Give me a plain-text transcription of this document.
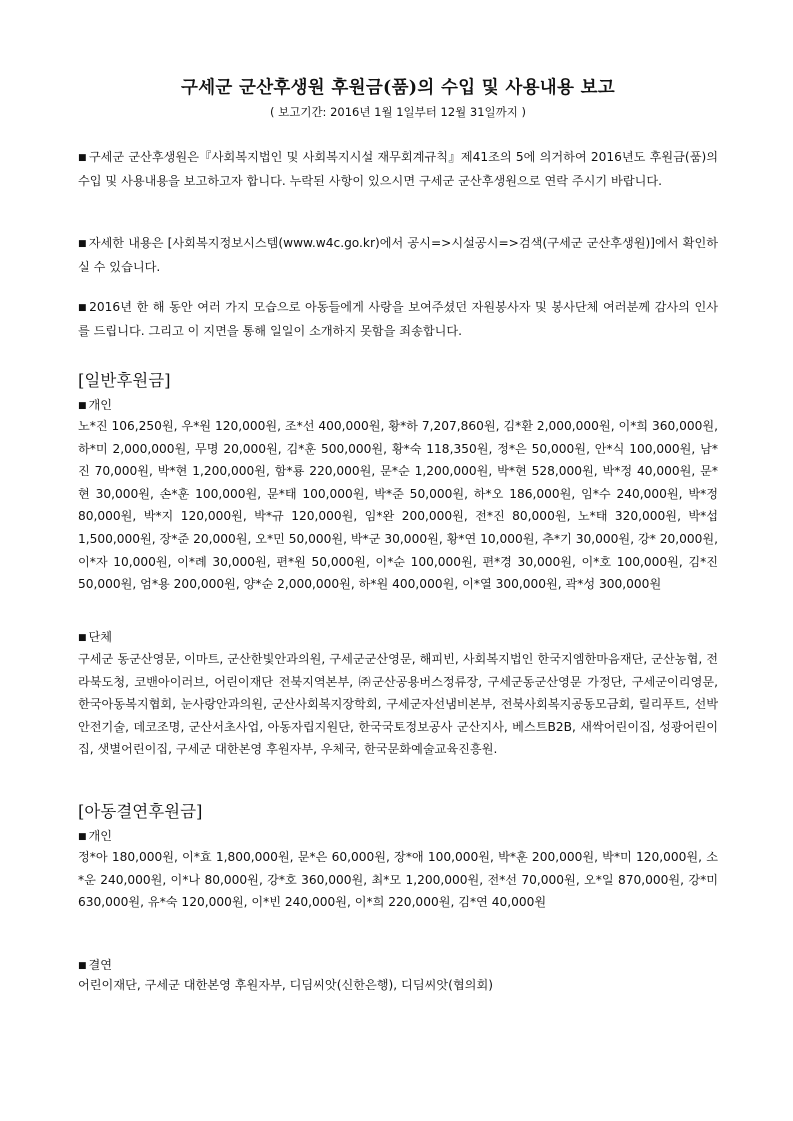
구세군 군산후생원 후원금(품)의 수입 및 사용내용 보고
( 보고기간: 2016년 1월 1일부터 12월 31일까지 )
■ 구세군 군산후생원은『사회복지법인 및 사회복지시설 재무회계규칙』제41조의 5에 의거하여 2016년도 후원금(품)의 수입 및 사용내용을 보고하고자 합니다. 누락된 사항이 있으시면 구세군 군산후생원으로 연락 주시기 바랍니다.
■ 자세한 내용은 [사회복지정보시스템(www.w4c.go.kr)에서 공시=>시설공시=>검색(구세군 군산후생원)]에서 확인하실 수 있습니다.
■ 2016년 한 해 동안 여러 가지 모습으로 아동들에게 사랑을 보여주셨던 자원봉사자 및 봉사단체 여러분께 감사의 인사를 드립니다. 그리고 이 지면을 통해 일일이 소개하지 못함을 죄송합니다.
[일반후원금]
■ 개인
노*진 106,250원, 우*원 120,000원, 조*선 400,000원, 황*하 7,207,860원, 김*환 2,000,000원, 이*희 360,000원, 하*미 2,000,000원, 무명 20,000원, 김*훈 500,000원, 황*숙 118,350원, 정*은 50,000원, 안*식 100,000원, 남*진 70,000원, 박*현 1,200,000원, 함*룡 220,000원, 문*순 1,200,000원, 박*현 528,000원, 박*정 40,000원, 문*현 30,000원, 손*훈 100,000원, 문*태 100,000원, 박*준 50,000원, 하*오 186,000원, 임*수 240,000원, 박*정 80,000원, 박*지 120,000원, 박*규 120,000원, 임*완 200,000원, 전*진 80,000원, 노*태 320,000원, 박*섭 1,500,000원, 장*준 20,000원, 오*민 50,000원, 박*군 30,000원, 황*연 10,000원, 추*기 30,000원, 강* 20,000원, 이*자 10,000원, 이*례 30,000원, 편*원 50,000원, 이*순 100,000원, 편*경 30,000원, 이*호 100,000원, 김*진 50,000원, 엄*용 200,000원, 양*순 2,000,000원, 하*원 400,000원, 이*열 300,000원, 곽*성 300,000원
■ 단체
구세군 동군산영문, 이마트, 군산한빛안과의원, 구세군군산영문, 해피빈, 사회복지법인 한국지엠한마음재단, 군산농협, 전라북도청, 코밴아이러브, 어린이재단 전북지역본부, ㈜군산공용버스정류장, 구세군동군산영문 가정단, 구세군이리영문, 한국아동복지협회, 눈사랑안과의원, 군산사회복지장학회, 구세군자선냄비본부, 전북사회복지공동모금회, 릴리푸트, 선박안전기술, 데코조명, 군산서초사업, 아동자립지원단, 한국국토정보공사 군산지사, 베스트B2B, 새싹어린이집, 성광어린이집, 샛별어린이집, 구세군 대한본영 후원자부, 우체국, 한국문화예술교육진흥원.
[아동결연후원금]
■ 개인
정*아 180,000원, 이*효 1,800,000원, 문*은 60,000원, 장*애 100,000원, 박*훈 200,000원, 박*미 120,000원, 소*운 240,000원, 이*나 80,000원, 강*호 360,000원, 최*모 1,200,000원, 전*선 70,000원, 오*일 870,000원, 강*미 630,000원, 유*숙 120,000원, 이*빈 240,000원, 이*희 220,000원, 김*연 40,000원
■ 결연
어린이재단, 구세군 대한본영 후원자부, 디딤씨앗(신한은행), 디딤씨앗(협의회)
